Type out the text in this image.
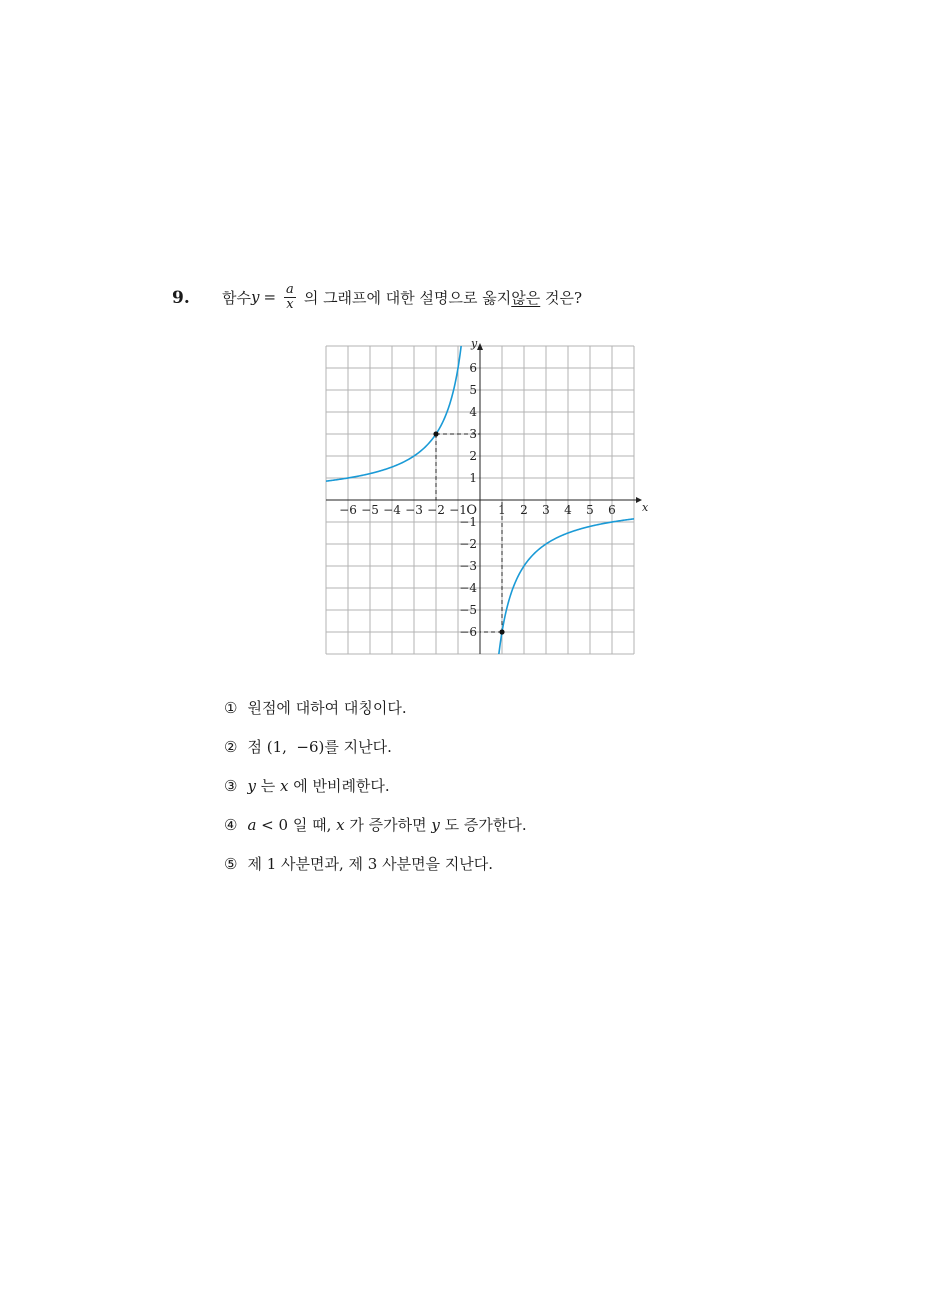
9. 함수 $y = \frac{a}{x}$ 의 그래프에 대한 설명으로 옳지 않은 것은?
−6 −5 −4 −3 −2 −1	1 2 3 4 5 6
6
5
4
3
2
1
−1
−2
−3
−4
−5
−6
O	x
y
① 원점에 대하여 대칭이다.
② 점 (1,  −6)를 지난다.
③ y 는 x 에 반비례한다.
④ a < 0 일 때, x 가 증가하면 y 도 증가한다.
⑤ 제 1 사분면과, 제 3 사분면을 지난다.
